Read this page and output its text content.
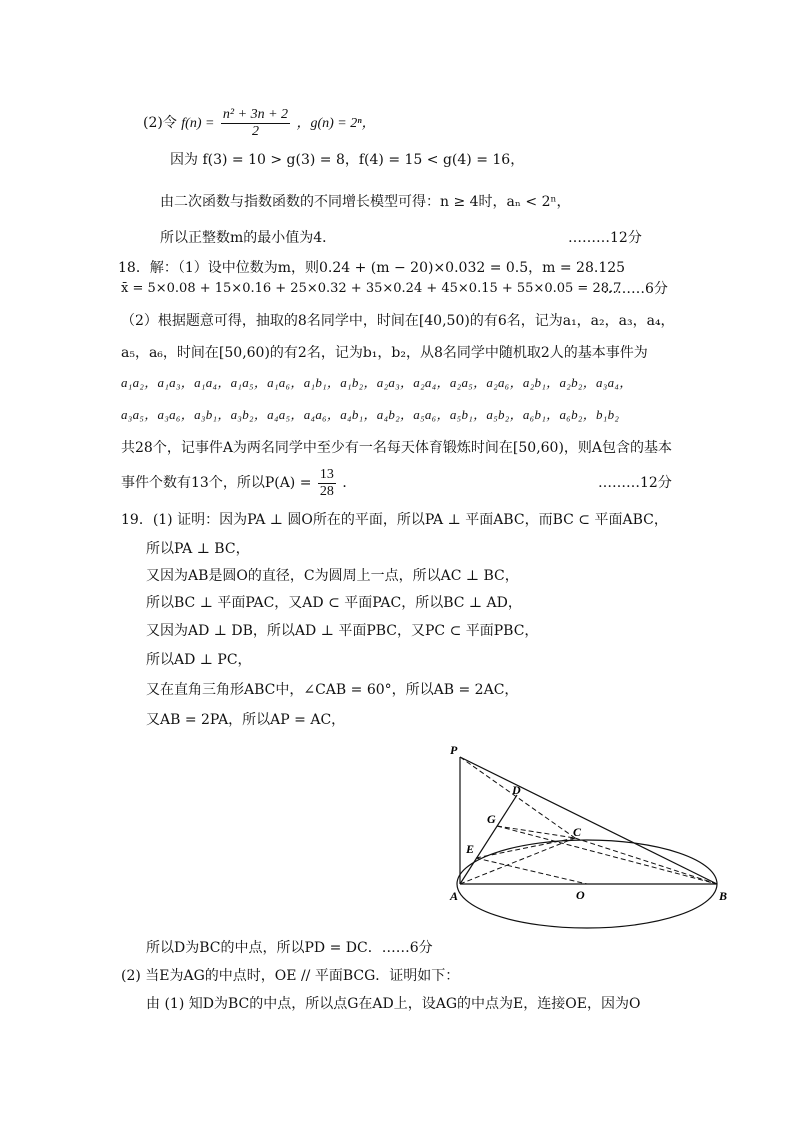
(2)令 $f(n) = \frac{\text{n² + 3n + 2}}{2}$ ，g(n) = 2ⁿ，
因为 f(3) = 10 > g(3) = 8，f(4) = 15 < g(4) = 16，
由二次函数与指数函数的不同增长模型可得：n ≥ 4时，aₙ < 2ⁿ，
所以正整数m的最小值为4．	………12分
18．解：（1）设中位数为m，则0.24 + (m − 20)×0.032 = 0.5，m = 28.125
x̄ = 5×0.08 + 15×0.16 + 25×0.32 + 35×0.24 + 45×0.15 + 55×0.05 = 28.7
………6分
（2）根据题意可得，抽取的8名同学中，时间在[40,50)的有6名，记为a₁，a₂，a₃，a₄，
a₅，a₆，时间在[50,60)的有2名，记为b₁，b₂，从8名同学中随机取2人的基本事件为
a₁a₂，a₁a₃，a₁a₄，a₁a₅，a₁a₆，a₁b₁，a₁b₂，a₂a₃，a₂a₄，a₂a₅，a₂a₆，a₂b₁，a₂b₂，a₃a₄，
a₃a₅，a₃a₆，a₃b₁，a₃b₂，a₄a₅，a₄a₆，a₄b₁，a₄b₂，a₅a₆，a₅b₁，a₅b₂，a₆b₁，a₆b₂，b₁b₂
共28个，记事件A为两名同学中至少有一名每天体育锻炼时间在[50,60)，则A包含的基本
事件个数有13个，所以$P(A) = \frac{13}{28}$ ．	………12分
19．(1) 证明：因为PA ⊥ 圆O所在的平面，所以PA ⊥ 平面ABC，而BC ⊂ 平面ABC，
所以PA ⊥ BC，
又因为AB是圆O的直径，C为圆周上一点，所以AC ⊥ BC，
所以BC ⊥ 平面PAC，又AD ⊂ 平面PAC，所以BC ⊥ AD，
又因为AD ⊥ DB，所以AD ⊥ 平面PBC，又PC ⊂ 平面PBC，
所以AD ⊥ PC，
又在直角三角形ABC中，∠CAB = 60°，所以AB = 2AC，
又AB = 2PA，所以AP = AC，
P
D
G
C
E
A	O	B
所以D为BC的中点，所以PD = DC．……6分
(2) 当E为AG的中点时，OE // 平面BCG．证明如下：
由 (1) 知D为BC的中点，所以点G在AD上，设AG的中点为E，连接OE，因为O
